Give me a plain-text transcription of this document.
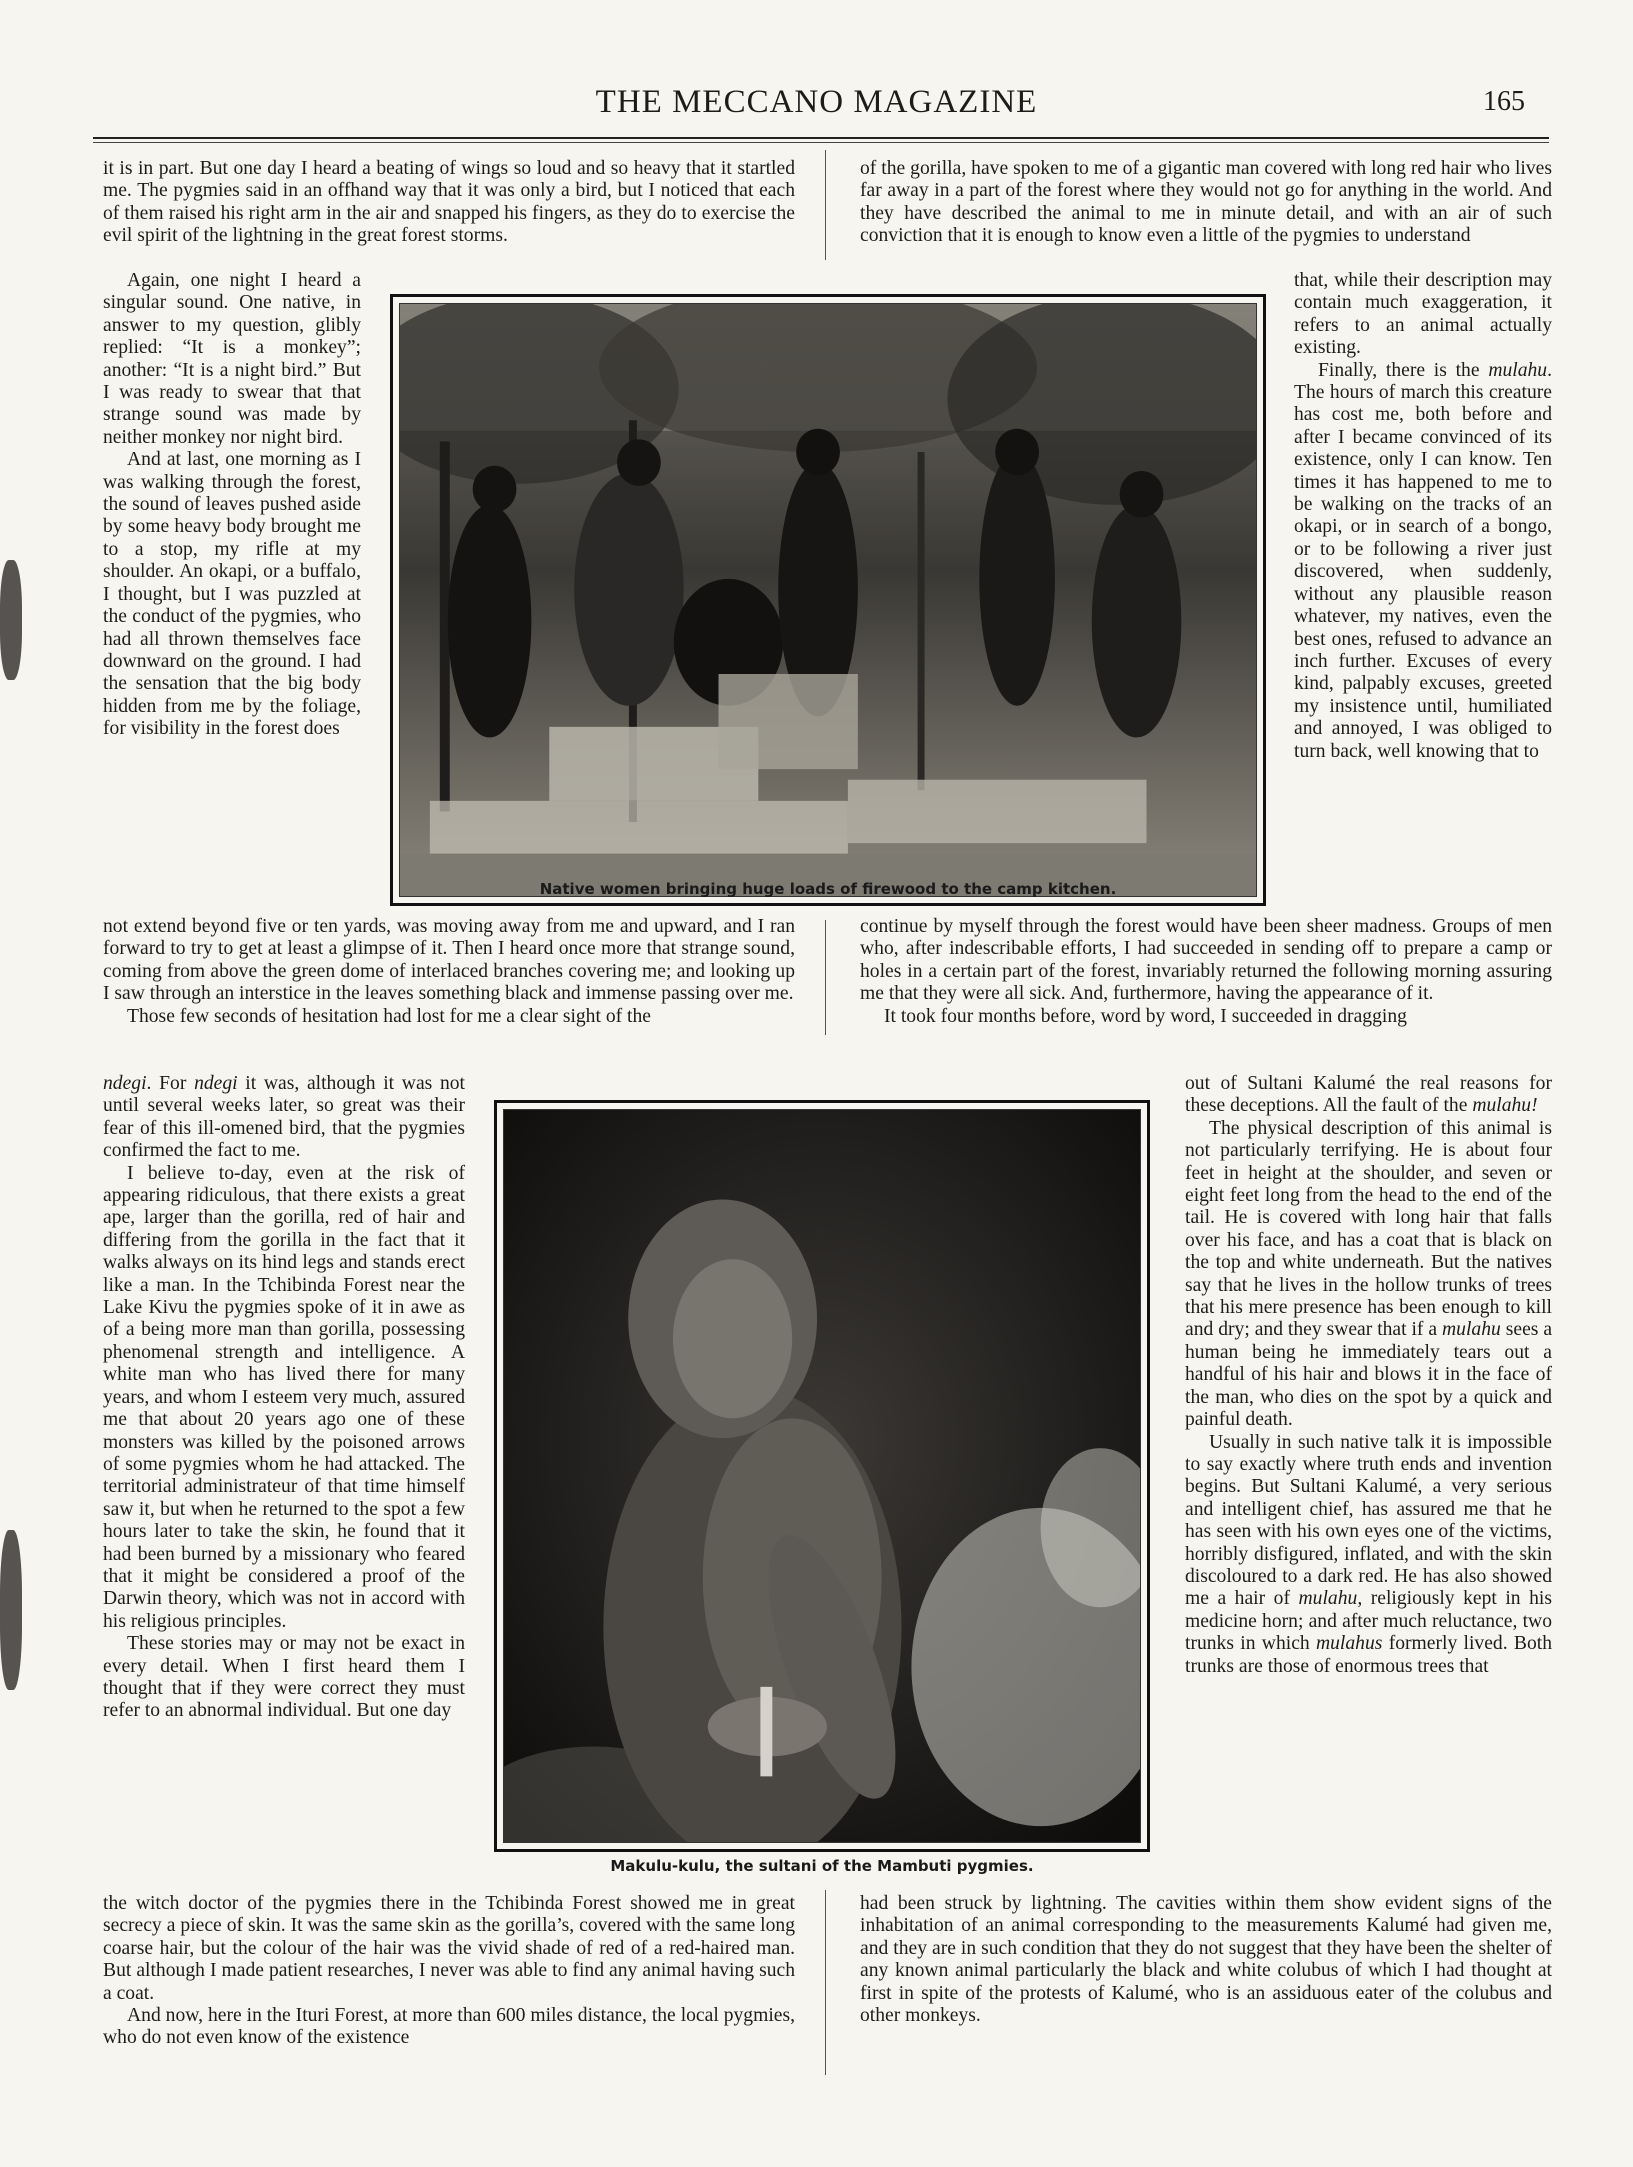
THE MECCANO MAGAZINE	165

it is in part. But one day I heard a beating of wings so loud and so heavy that it startled me. The pygmies said in an offhand way that it was only a bird, but I noticed that each of them raised his right arm in the air and snapped his fingers, as they do to exercise the evil spirit of the lightning in the great forest storms.

Again, one night I heard a singular sound. One native, in answer to my question, glibly replied: “It is a monkey”; another: “It is a night bird.” But I was ready to swear that that strange sound was made by neither monkey nor night bird.

And at last, one morning as I was walking through the forest, the sound of leaves pushed aside by some heavy body brought me to a stop, my rifle at my shoulder. An okapi, or a buffalo, I thought, but I was puzzled at the conduct of the pygmies, who had all thrown themselves face downward on the ground. I had the sensation that the big body hidden from me by the foliage, for visibility in the forest does

not extend beyond five or ten yards, was moving away from me and upward, and I ran forward to try to get at least a glimpse of it. Then I heard once more that strange sound, coming from above the green dome of interlaced branches covering me; and looking up I saw through an interstice in the leaves something black and immense passing over me.

Those few seconds of hesitation had lost for me a clear sight of the

ndegi. For ndegi it was, although it was not until several weeks later, so great was their fear of this ill-omened bird, that the pygmies confirmed the fact to me.

I believe to-day, even at the risk of appearing ridiculous, that there exists a great ape, larger than the gorilla, red of hair and differing from the gorilla in the fact that it walks always on its hind legs and stands erect like a man. In the Tchibinda Forest near the Lake Kivu the pygmies spoke of it in awe as of a being more man than gorilla, possessing phenomenal strength and intelligence. A white man who has lived there for many years, and whom I esteem very much, assured me that about 20 years ago one of these monsters was killed by the poisoned arrows of some pygmies whom he had attacked. The territorial administrateur of that time himself saw it, but when he returned to the spot a few hours later to take the skin, he found that it had been burned by a missionary who feared that it might be considered a proof of the Darwin theory, which was not in accord with his religious principles.

These stories may or may not be exact in every detail. When I first heard them I thought that if they were correct they must refer to an abnormal individual. But one day

the witch doctor of the pygmies there in the Tchibinda Forest showed me in great secrecy a piece of skin. It was the same skin as the gorilla’s, covered with the same long coarse hair, but the colour of the hair was the vivid shade of red of a red-haired man. But although I made patient researches, I never was able to find any animal having such a coat.

And now, here in the Ituri Forest, at more than 600 miles distance, the local pygmies, who do not even know of the existence

of the gorilla, have spoken to me of a gigantic man covered with long red hair who lives far away in a part of the forest where they would not go for anything in the world. And they have described the animal to me in minute detail, and with an air of such conviction that it is enough to know even a little of the pygmies to understand

that, while their description may contain much exaggeration, it refers to an animal actually existing.

Finally, there is the mulahu. The hours of march this creature has cost me, both before and after I became convinced of its existence, only I can know. Ten times it has happened to me to be walking on the tracks of an okapi, or in search of a bongo, or to be following a river just discovered, when suddenly, without any plausible reason whatever, my natives, even the best ones, refused to advance an inch further. Excuses of every kind, palpably excuses, greeted my insistence until, humiliated and annoyed, I was obliged to turn back, well knowing that to

continue by myself through the forest would have been sheer madness. Groups of men who, after indescribable efforts, I had succeeded in sending off to prepare a camp or holes in a certain part of the forest, invariably returned the following morning assuring me that they were all sick. And, furthermore, having the appearance of it.

It took four months before, word by word, I succeeded in dragging

out of Sultani Kalumé the real reasons for these deceptions. All the fault of the mulahu!

The physical description of this animal is not particularly terrifying. He is about four feet in height at the shoulder, and seven or eight feet long from the head to the end of the tail. He is covered with long hair that falls over his face, and has a coat that is black on the top and white underneath. But the natives say that he lives in the hollow trunks of trees that his mere presence has been enough to kill and dry; and they swear that if a mulahu sees a human being he immediately tears out a handful of his hair and blows it in the face of the man, who dies on the spot by a quick and painful death.

Usually in such native talk it is impossible to say exactly where truth ends and invention begins. But Sultani Kalumé, a very serious and intelligent chief, has assured me that he has seen with his own eyes one of the victims, horribly disfigured, inflated, and with the skin discoloured to a dark red. He has also showed me a hair of mulahu, religiously kept in his medicine horn; and after much reluctance, two trunks in which mulahus formerly lived. Both trunks are those of enormous trees that

had been struck by lightning. The cavities within them show evident signs of the inhabitation of an animal corresponding to the measurements Kalumé had given me, and they are in such condition that they do not suggest that they have been the shelter of any known animal particularly the black and white colubus of which I had thought at first in spite of the protests of Kalumé, who is an assiduous eater of the colubus and other monkeys.

Native women bringing huge loads of firewood to the camp kitchen.
Makulu-kulu, the sultani of the Mambuti pygmies.
